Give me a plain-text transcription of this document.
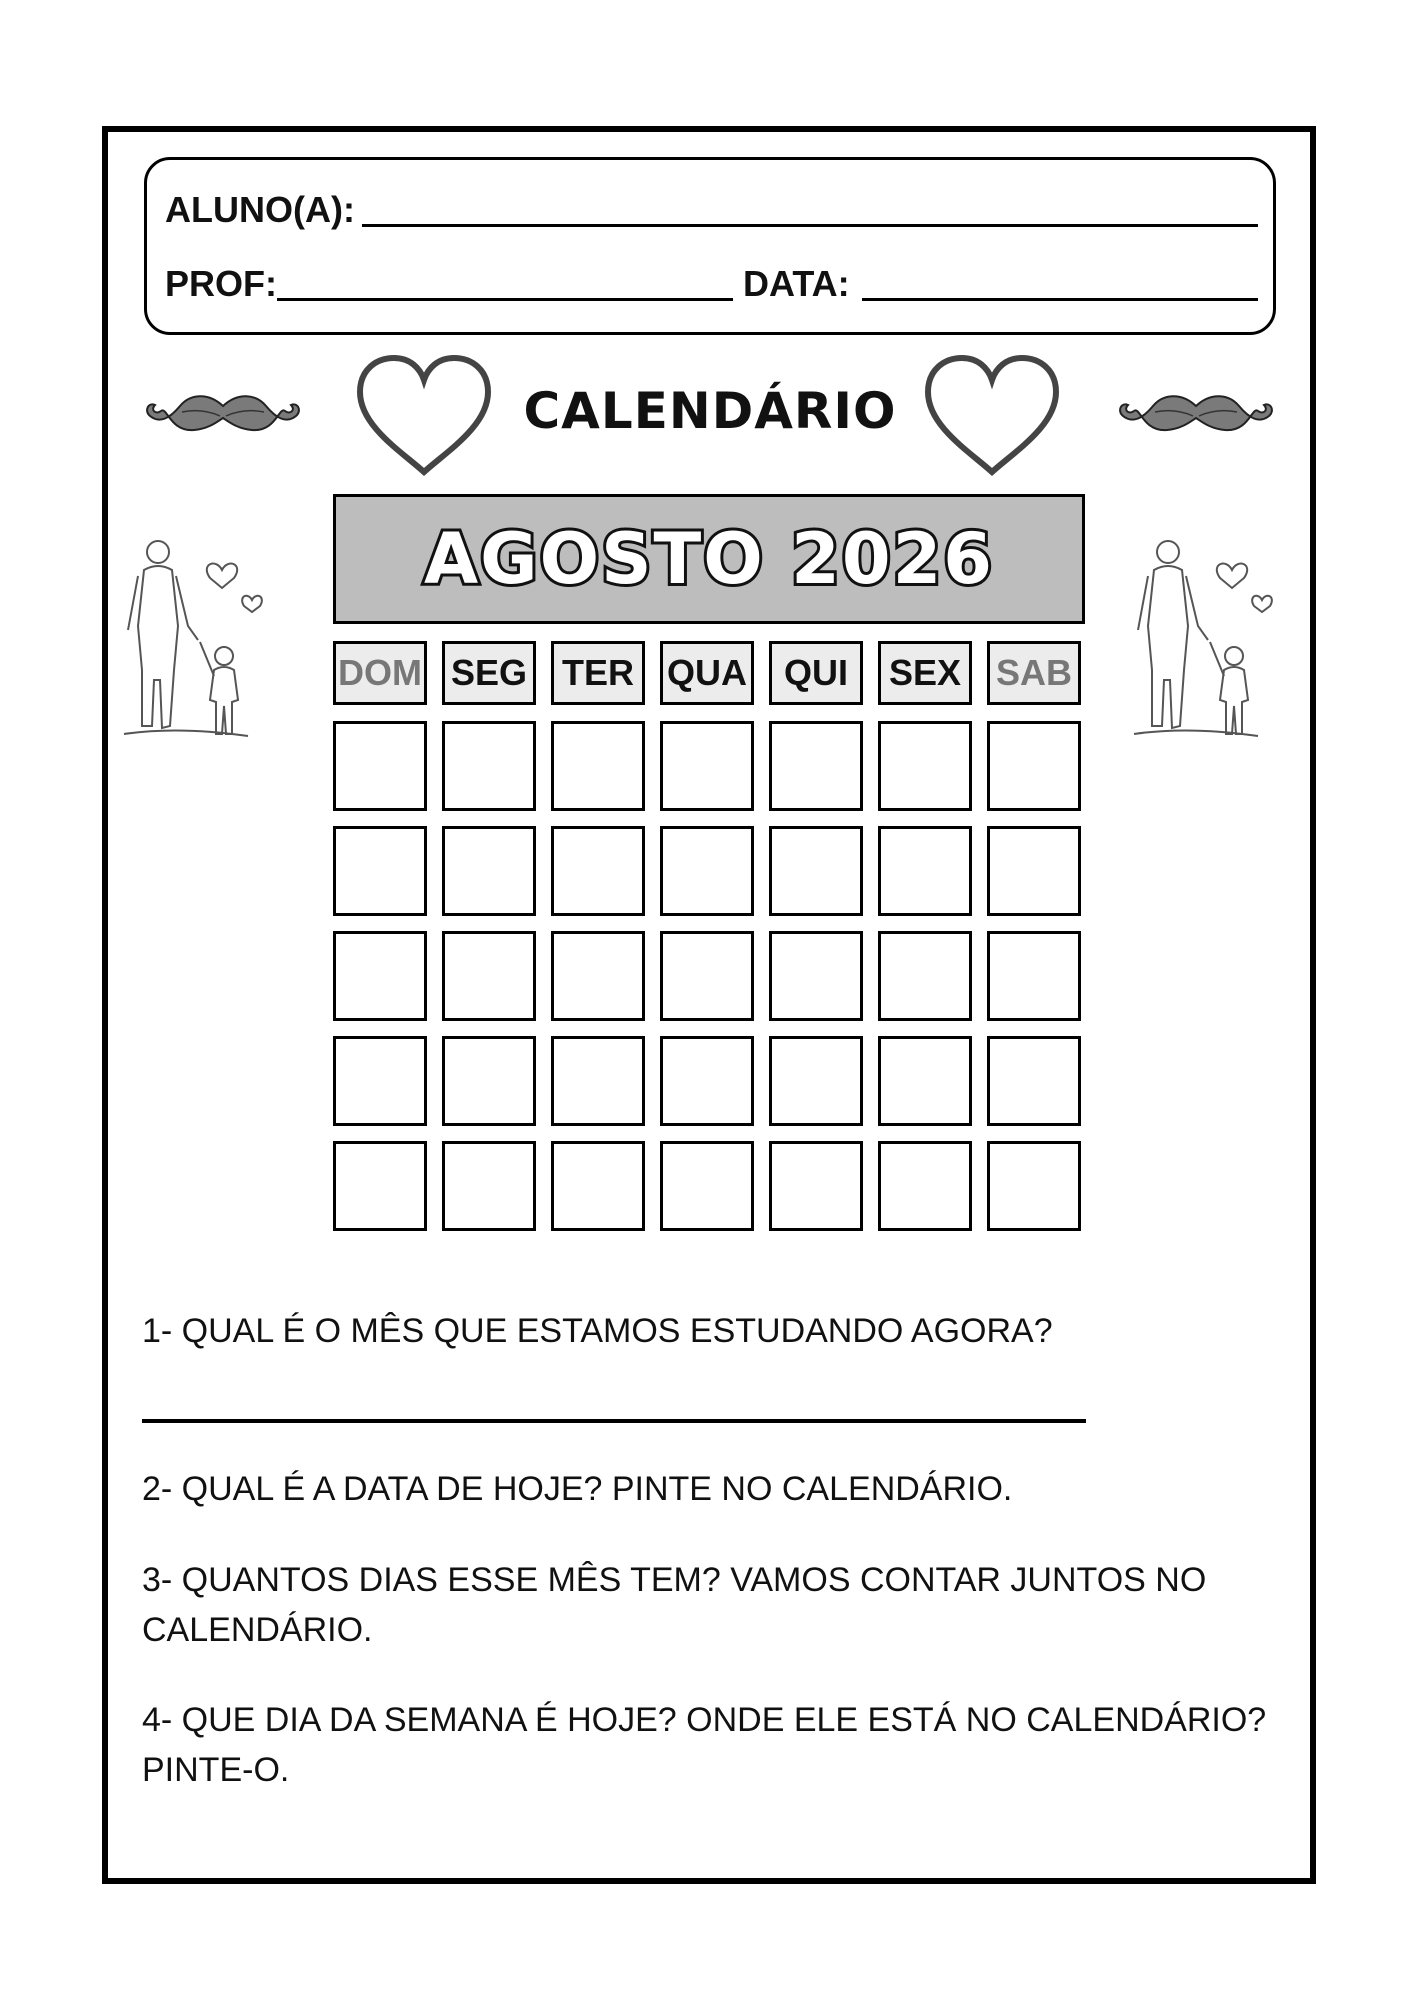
ALUNO(A):
PROF:	DATA:
CALENDÁRIO
AGOSTO 2026
DOM SEG TER QUA	QUI	SEX SAB
1- QUAL É O MÊS QUE ESTAMOS ESTUDANDO AGORA?
2- QUAL É A DATA DE HOJE? PINTE NO CALENDÁRIO.
3- QUANTOS DIAS ESSE MÊS TEM? VAMOS CONTAR JUNTOS NO CALENDÁRIO.
4- QUE DIA DA SEMANA É HOJE? ONDE ELE ESTÁ NO CALENDÁRIO? PINTE-O.
